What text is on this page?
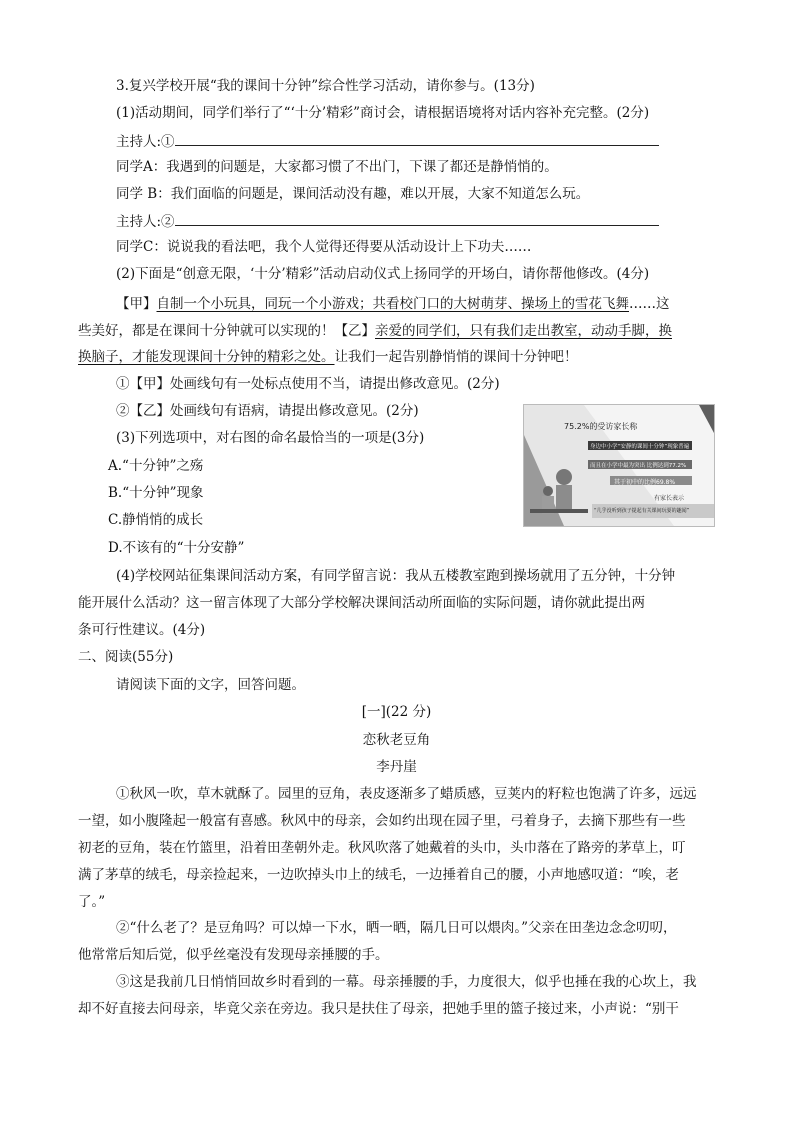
3.复兴学校开展“我的课间十分钟”综合性学习活动，请你参与。(13分)
(1)活动期间，同学们举行了“‘十分’精彩”商讨会，请根据语境将对话内容补充完整。(2分)
主持人:①
同学A：我遇到的问题是，大家都习惯了不出门，下课了都还是静悄悄的。
同学 B：我们面临的问题是，课间活动没有趣，难以开展，大家不知道怎么玩。
主持人:②
同学C：说说我的看法吧，我个人觉得还得要从活动设计上下功夫……
(2)下面是“创意无限，‘十分’精彩”活动启动仪式上扬同学的开场白，请你帮他修改。(4分)
【甲】自制一个小玩具，同玩一个小游戏；共看校门口的大树萌芽、操场上的雪花飞舞……这
些美好，都是在课间十分钟就可以实现的！【乙】亲爱的同学们，只有我们走出教室，动动手脚，换
换脑子，才能发现课间十分钟的精彩之处。让我们一起告别静悄悄的课间十分钟吧！
①【甲】处画线句有一处标点使用不当，请提出修改意见。(2分)
②【乙】处画线句有语病，请提出修改意见。(2分)
(3)下列选项中，对右图的命名最恰当的一项是(3分)
A.“十分钟”之殇
B.“十分钟”现象
C.静悄悄的成长
D.不该有的“十分安静”
75.2%的受访家长称
身边中小学“安静的课间十分钟”现象普遍
而且在小学中最为突出 比例达到77.2%
其于初中的比例69.8%
有家长表示
“几乎没听到孩子提起有关课间玩耍的趣闻”
(4)学校网站征集课间活动方案，有同学留言说：我从五楼教室跑到操场就用了五分钟，十分钟
能开展什么活动？这一留言体现了大部分学校解决课间活动所面临的实际问题，请你就此提出两
条可行性建议。(4分)
二、阅读(55分)
请阅读下面的文字，回答问题。
[一](22 分)
恋秋老豆角
李丹崖
①秋风一吹，草木就酥了。园里的豆角，表皮逐渐多了蜡质感，豆荚内的籽粒也饱满了许多，远远
一望，如小腹隆起一般富有喜感。秋风中的母亲，会如约出现在园子里，弓着身子，去摘下那些有一些
初老的豆角，装在竹篮里，沿着田垄朝外走。秋风吹落了她戴着的头巾，头巾落在了路旁的茅草上，叮
满了茅草的绒毛，母亲捡起来，一边吹掉头巾上的绒毛，一边捶着自己的腰，小声地感叹道：“唉，老
了。”
②“什么老了？是豆角吗？可以焯一下水，晒一晒，隔几日可以煨肉。”父亲在田垄边念念叨叨，
他常常后知后觉，似乎丝毫没有发现母亲捶腰的手。
③这是我前几日悄悄回故乡时看到的一幕。母亲捶腰的手，力度很大，似乎也捶在我的心坎上，我
却不好直接去问母亲，毕竟父亲在旁边。我只是扶住了母亲，把她手里的篮子接过来，小声说：“别干
